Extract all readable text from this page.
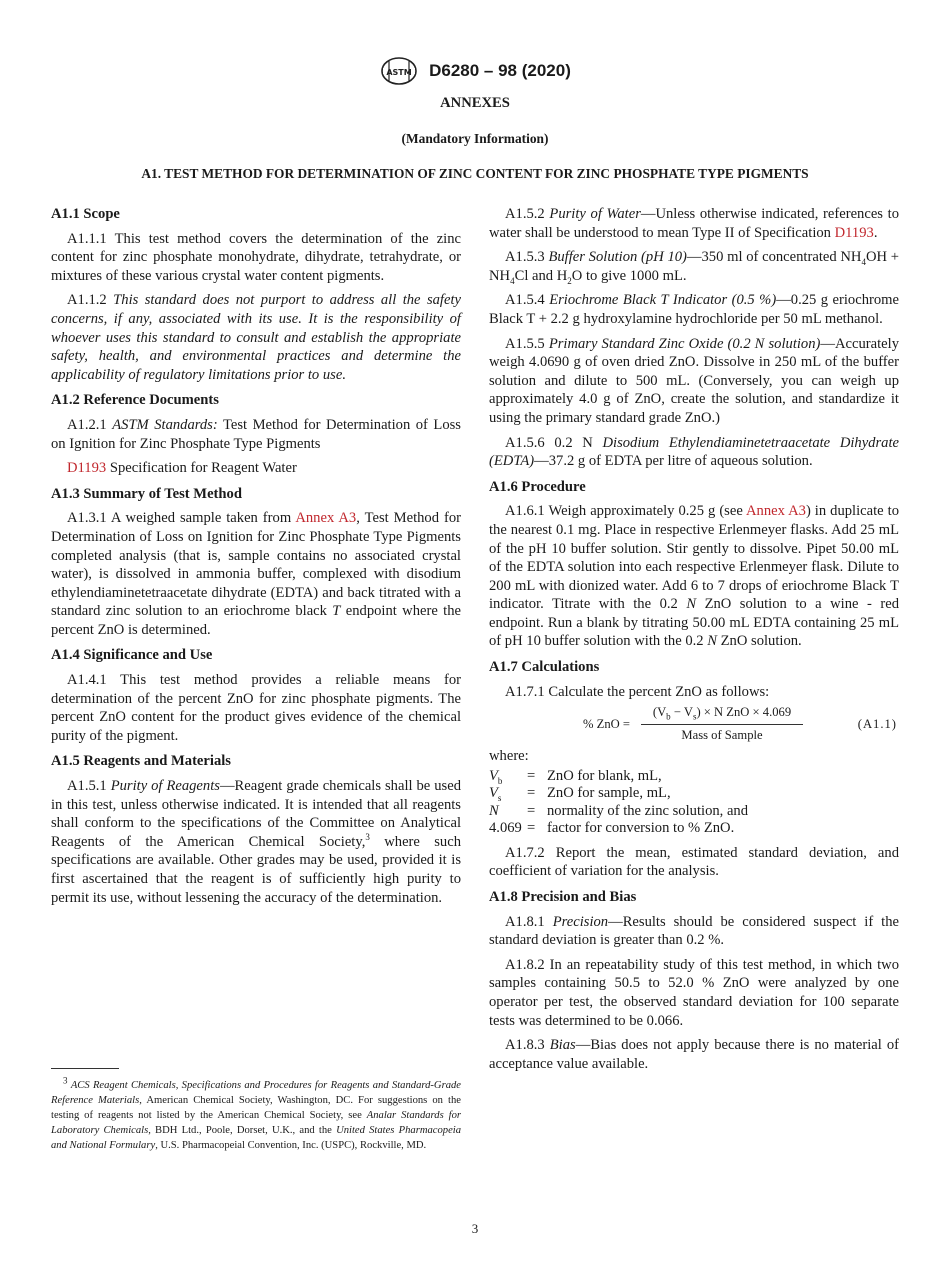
ASTM D6280 – 98 (2020)
ANNEXES
(Mandatory Information)
A1. TEST METHOD FOR DETERMINATION OF ZINC CONTENT FOR ZINC PHOSPHATE TYPE PIGMENTS
A1.1 Scope

A1.1.1 This test method covers the determination of the zinc content for zinc phosphate monohydrate, dihydrate, tetrahydrate, or mixtures of these various crystal water content pigments.

A1.1.2 This standard does not purport to address all the safety concerns, if any, associated with its use. It is the responsibility of whoever uses this standard to consult and establish the appropriate safety, health, and environmental practices and determine the applicability of regulatory limitations prior to use.

A1.2 Reference Documents

A1.2.1 ASTM Standards: Test Method for Determination of Loss on Ignition for Zinc Phosphate Type Pigments

D1193 Specification for Reagent Water

A1.3 Summary of Test Method

A1.3.1 A weighed sample taken from Annex A3, Test Method for Determination of Loss on Ignition for Zinc Phosphate Type Pigments completed analysis (that is, sample contains no associated crystal water), is dissolved in ammonia buffer, complexed with disodium ethylendiaminetetraacetate dihydrate (EDTA) and back titrated with a standard zinc solution to an eriochrome black T endpoint where the percent ZnO is determined.

A1.4 Significance and Use

A1.4.1 This test method provides a reliable means for determination of the percent ZnO for zinc phosphate pigments. The percent ZnO content for the product gives evidence of the chemical purity of the pigment.

A1.5 Reagents and Materials

A1.5.1 Purity of Reagents—Reagent grade chemicals shall be used in this test, unless otherwise indicated. It is intended that all reagents shall conform to the specifications of the Committee on Analytical Reagents of the American Chemical Society,$^3$ where such specifications are available. Other grades may be used, provided it is first ascertained that the reagent is of sufficiently high purity to permit its use, without lessening the accuracy of the determination.

$^3$ ACS Reagent Chemicals, Specifications and Procedures for Reagents and Standard-Grade Reference Materials, American Chemical Society, Washington, DC. For suggestions on the testing of reagents not listed by the American Chemical Society, see Analar Standards for Laboratory Chemicals, BDH Ltd., Poole, Dorset, U.K., and the United States Pharmacopeia and National Formulary, U.S. Pharmacopeial Convention, Inc. (USPC), Rockville, MD.

A1.5.2 Purity of Water—Unless otherwise indicated, references to water shall be understood to mean Type II of Specification D1193.

A1.5.3 Buffer Solution (pH 10)—350 ml of concentrated $NH_4OH + NH_4Cl$ and $H_2O$ to give 1000 mL.

A1.5.4 Eriochrome Black T Indicator (0.5 %)—0.25 g eriochrome Black T + 2.2 g hydroxylamine hydrochloride per 50 mL methanol.

A1.5.5 Primary Standard Zinc Oxide (0.2 N solution)—Accurately weigh 4.0690 g of oven dried ZnO. Dissolve in 250 mL of the buffer solution and dilute to 500 mL. (Conversely, you can weigh up approximately 4.0 g of ZnO, create the solution, and standardize it using the primary standard grade ZnO.)

A1.5.6 0.2 N Disodium Ethylendiaminetetraacetate Dihydrate (EDTA)—37.2 g of EDTA per litre of aqueous solution.

A1.6 Procedure

A1.6.1 Weigh approximately 0.25 g (see Annex A3) in duplicate to the nearest 0.1 mg. Place in respective Erlenmeyer flasks. Add 25 mL of the pH 10 buffer solution. Stir gently to dissolve. Pipet 50.00 mL of the EDTA solution into each respective Erlenmeyer flask. Dilute to 200 mL with dionized water. Add 6 to 7 drops of eriochrome Black T indicator. Titrate with the 0.2 N ZnO solution to a wine - red endpoint. Run a blank by titrating 50.00 mL EDTA containing 25 mL of pH 10 buffer solution with the 0.2 N ZnO solution.

A1.7 Calculations

A1.7.1 Calculate the percent ZnO as follows:

% ZnO =
$(V_b - V_s) \times N$ ZnO × 4.069
Mass of Sample
(A1.1)

where:

$V_b$	=	ZnO for blank, mL,
$V_s$	=	ZnO for sample, mL,
N	=	normality of the zinc solution, and
4.069	=	factor for conversion to % ZnO.

A1.7.2 Report the mean, estimated standard deviation, and coefficient of variation for the analysis.

A1.8 Precision and Bias

A1.8.1 Precision—Results should be considered suspect if the standard deviation is greater than 0.2 %.

A1.8.2 In an repeatability study of this test method, in which two samples containing 50.5 to 52.0 % ZnO were analyzed by one operator per test, the observed standard deviation for 100 separate tests was determined to be 0.066.

A1.8.3 Bias—Bias does not apply because there is no material of acceptance value available.

3
